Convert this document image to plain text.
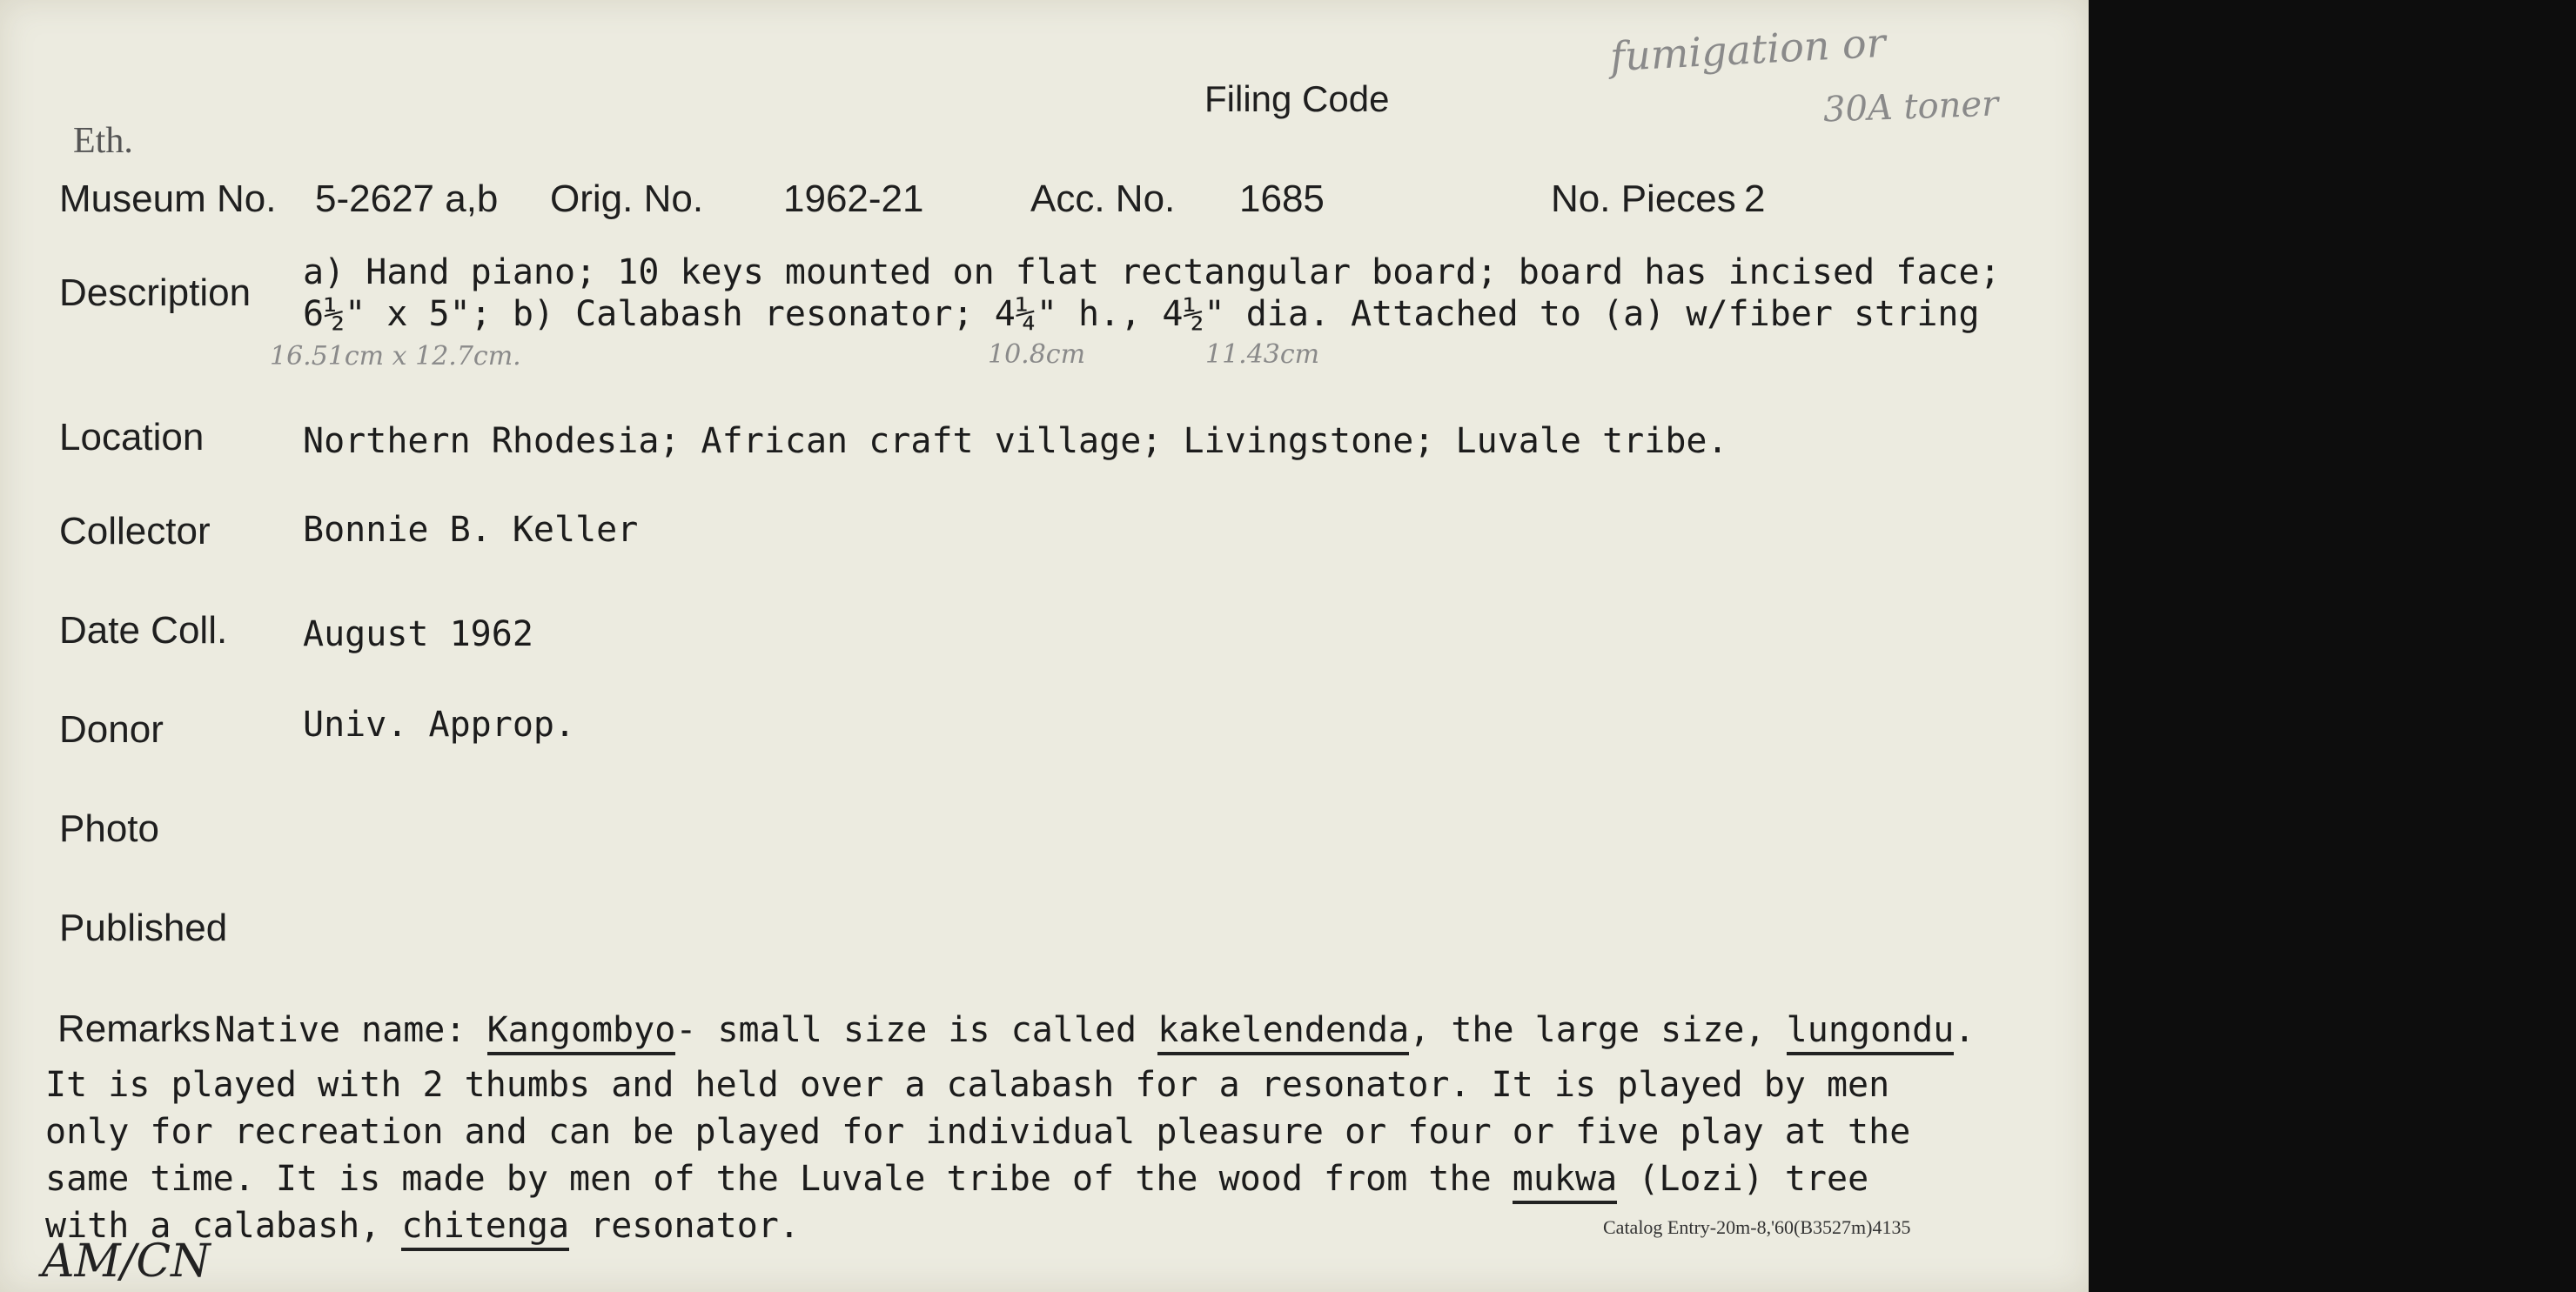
Filing Code
fumigation or
30A toner
Eth.
Museum No. 5-2627 a,b Orig. No. 1962-21	Acc. No. 1685	No. Pieces 2
Description a) Hand piano; 10 keys mounted on flat rectangular board; board has incised face;
6½" x 5"; b) Calabash resonator; 4¼" h., 4½" dia. Attached to (a) w/fiber string
16.51cm x 12.7cm.	10.8cm	11.43cm
Location	Northern Rhodesia; African craft village; Livingstone; Luvale tribe.
Collector	Bonnie B. Keller
Date Coll. August 1962
Donor	Univ. Approp.
Photo
Published
Remarks Native name: Kangombyo- small size is called kakelendenda, the large size, lungondu.
It is played with 2 thumbs and held over a calabash for a resonator. It is played by men
only for recreation and can be played for individual pleasure or four or five play at the
same time. It is made by men of the Luvale tribe of the wood from the mukwa (Lozi) tree
with a calabash, chitenga resonator.	Catalog Entry-20m-8,'60(B3527m)4135
AM/CN
